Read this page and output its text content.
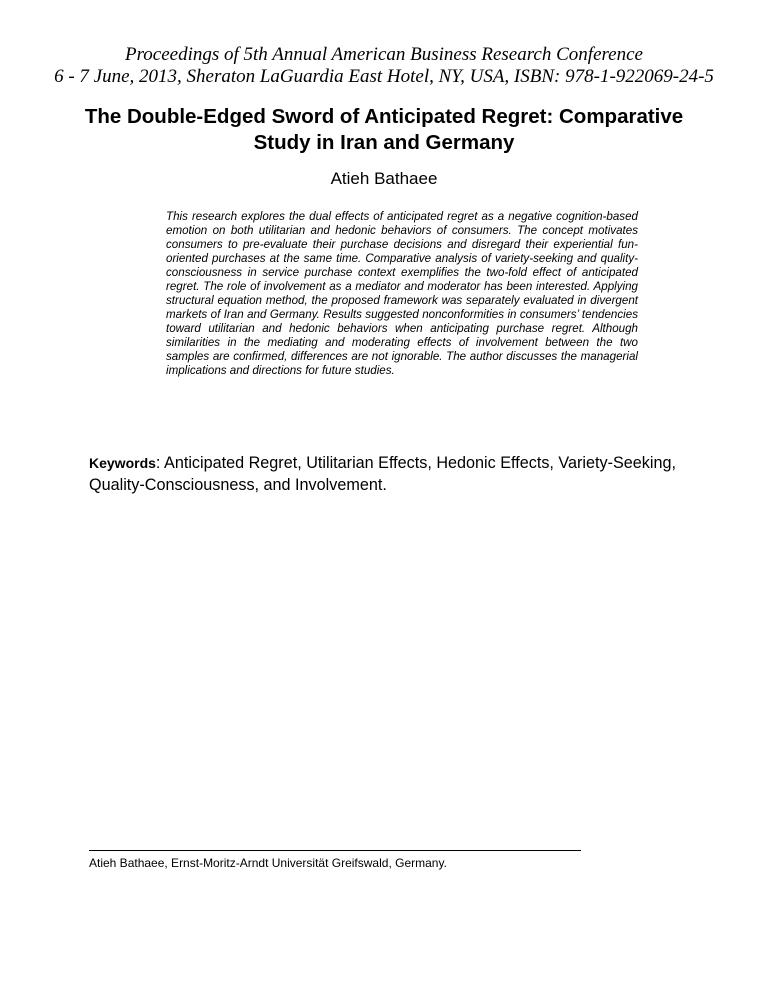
Proceedings of 5th Annual American Business Research Conference
6 - 7 June, 2013, Sheraton LaGuardia East Hotel, NY, USA, ISBN: 978-1-922069-24-5
The Double-Edged Sword of Anticipated Regret: Comparative
Study in Iran and Germany
Atieh Bathaee

This research explores the dual effects of anticipated regret as a negative cognition-based emotion on both utilitarian and hedonic behaviors of consumers. The concept motivates consumers to pre-evaluate their purchase decisions and disregard their experiential fun-oriented purchases at the same time. Comparative analysis of variety-seeking and quality-consciousness in service purchase context exemplifies the two-fold effect of anticipated regret. The role of involvement as a mediator and moderator has been interested. Applying structural equation method, the proposed framework was separately evaluated in divergent markets of Iran and Germany. Results suggested nonconformities in consumers’ tendencies toward utilitarian and hedonic behaviors when anticipating purchase regret. Although similarities in the mediating and moderating effects of involvement between the two samples are confirmed, differences are not ignorable. The author discusses the managerial implications and directions for future studies.

Keywords: Anticipated Regret, Utilitarian Effects, Hedonic Effects, Variety-Seeking, Quality-Consciousness, and Involvement.

Atieh Bathaee, Ernst-Moritz-Arndt Universität Greifswald, Germany.
